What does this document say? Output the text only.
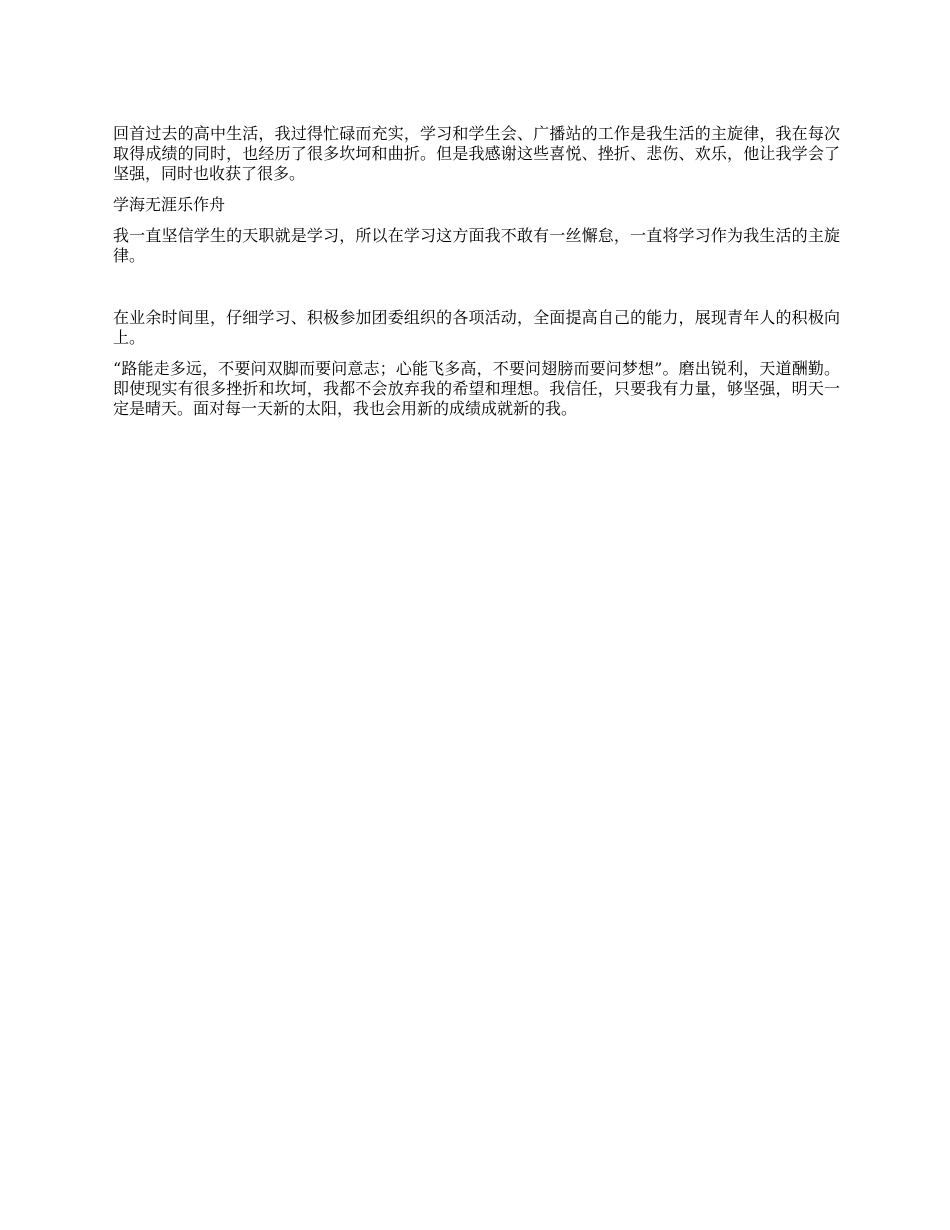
回首过去的高中生活，我过得忙碌而充实，学习和学生会、广播站的工作是我生活的主旋律，我在每次取得成绩的同时，也经历了很多坎坷和曲折。但是我感谢这些喜悦、挫折、悲伤、欢乐，他让我学会了坚强，同时也收获了很多。

学海无涯乐作舟

我一直坚信学生的天职就是学习，所以在学习这方面我不敢有一丝懈怠，一直将学习作为我生活的主旋律。

在业余时间里，仔细学习、积极参加团委组织的各项活动，全面提高自己的能力，展现青年人的积极向上。

“路能走多远，不要问双脚而要问意志；心能飞多高，不要问翅膀而要问梦想”。磨出锐利，天道酬勤。即使现实有很多挫折和坎坷，我都不会放弃我的希望和理想。我信任，只要我有力量，够坚强，明天一定是晴天。面对每一天新的太阳，我也会用新的成绩成就新的我。
